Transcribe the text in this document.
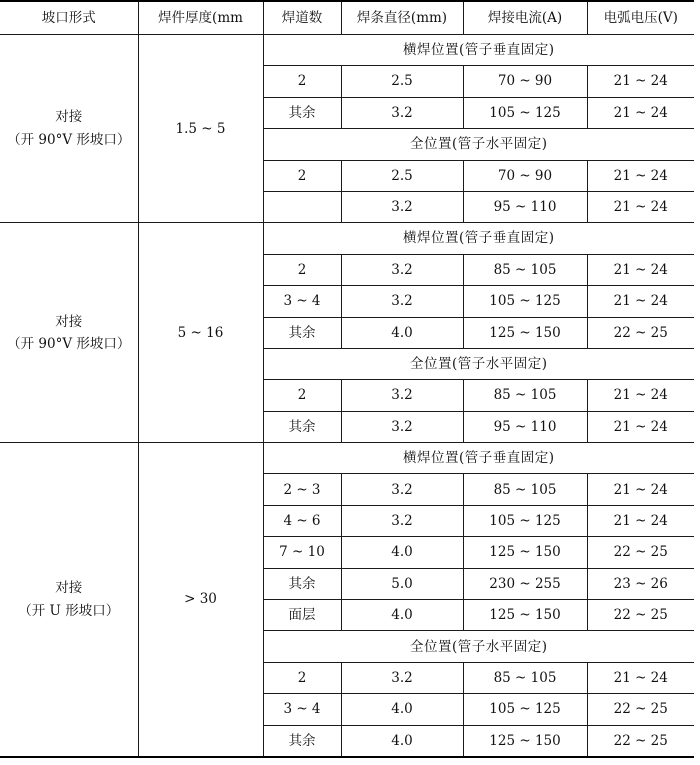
坡口形式	焊件厚度(mm	焊道数	焊条直径(mm)	焊接电流(A)	电弧电压(V)

对接
（开 90°V 形坡口）	1.5 ~ 5	横焊位置(管子垂直固定)			
		2	2.5	70 ~ 90	21 ~ 24
		其余	3.2	105 ~ 125	21 ~ 24
		全位置(管子水平固定)			
		2	2.5	70 ~ 90	21 ~ 24
			3.2	95 ~ 110	21 ~ 24

对接
（开 90°V 形坡口）	5 ~ 16	横焊位置(管子垂直固定)			
		2	3.2	85 ~ 105	21 ~ 24
		3 ~ 4	3.2	105 ~ 125	21 ~ 24
		其余	4.0	125 ~ 150	22 ~ 25
		全位置(管子水平固定)			
		2	3.2	85 ~ 105	21 ~ 24
		其余	3.2	95 ~ 110	21 ~ 24

对接
（开 U 形坡口）	> 30	横焊位置(管子垂直固定)			
		2 ~ 3	3.2	85 ~ 105	21 ~ 24
		4 ~ 6	3.2	105 ~ 125	21 ~ 24
		7 ~ 10	4.0	125 ~ 150	22 ~ 25
		其余	5.0	230 ~ 255	23 ~ 26
		面层	4.0	125 ~ 150	22 ~ 25
		全位置(管子水平固定)			
		2	3.2	85 ~ 105	21 ~ 24
		3 ~ 4	4.0	105 ~ 125	22 ~ 25
		其余	4.0	125 ~ 150	22 ~ 25
